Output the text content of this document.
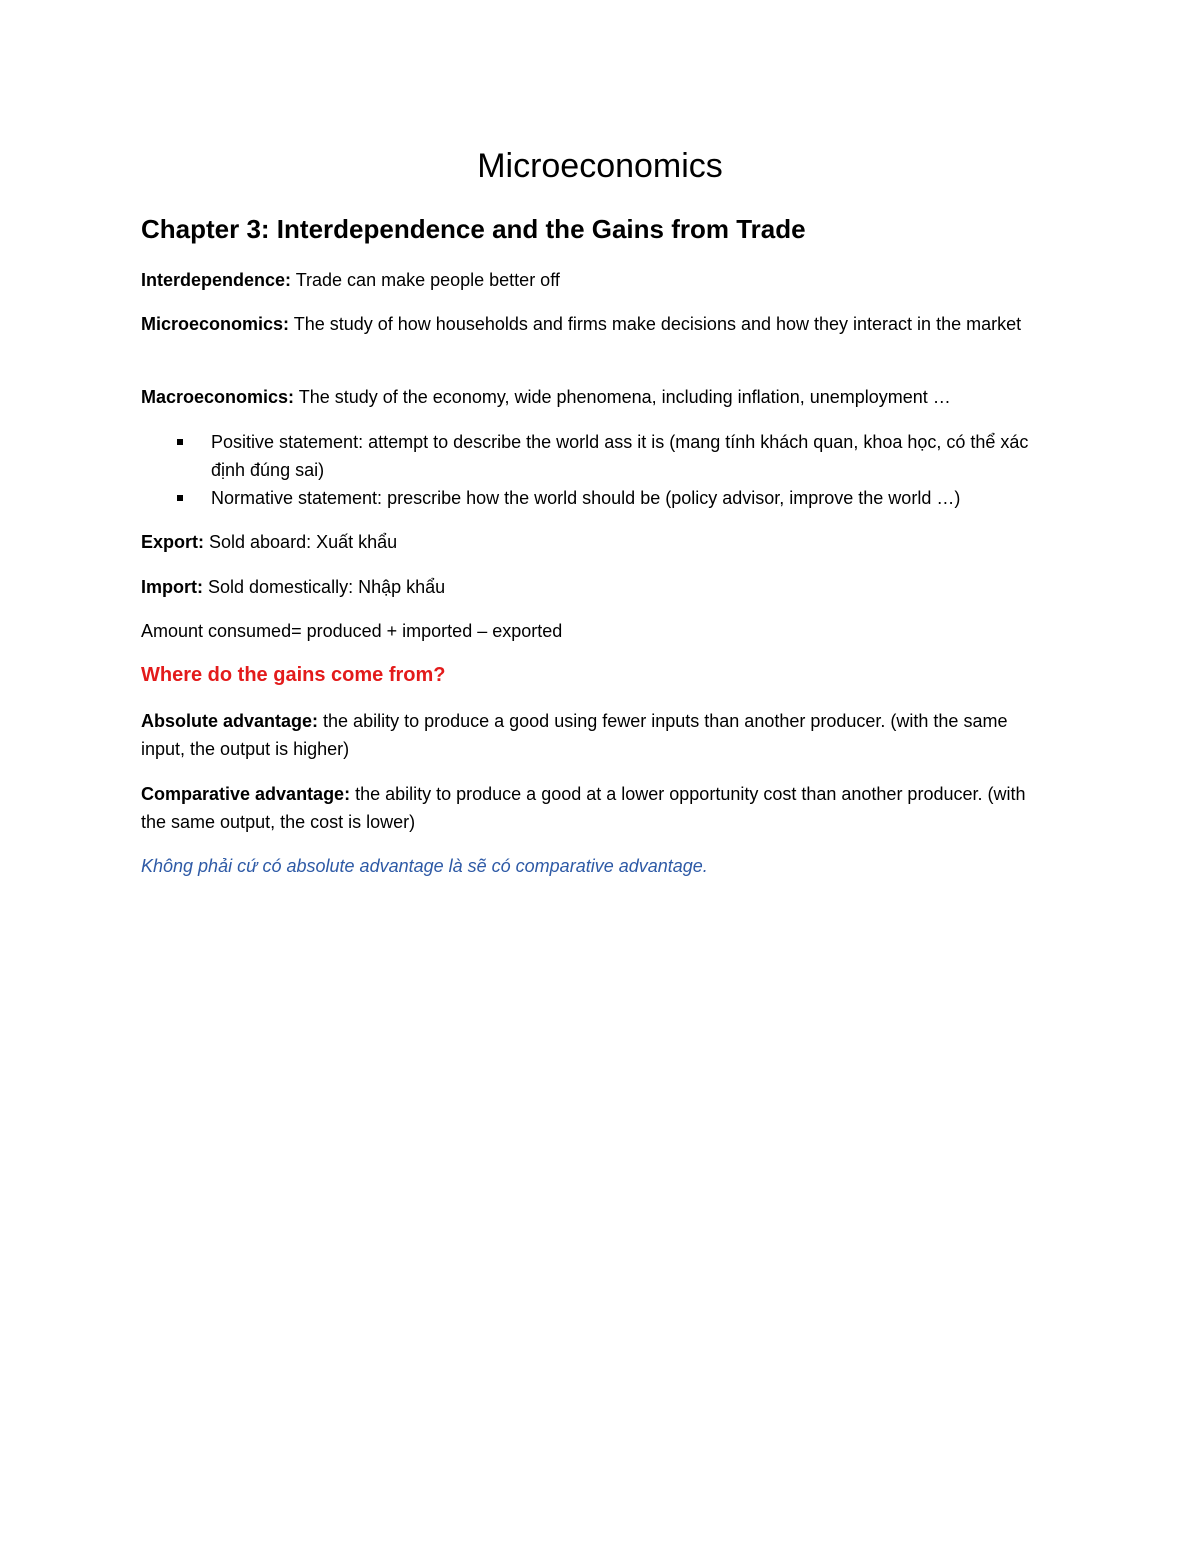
Microeconomics
Chapter 3: Interdependence and the Gains from Trade
Interdependence: Trade can make people better off
Microeconomics: The study of how households and firms make decisions and how they interact in the market
Macroeconomics: The study of the economy, wide phenomena, including inflation, unemployment …
Positive statement: attempt to describe the world ass it is (mang tính khách quan, khoa học, có thể xác định đúng sai)
Normative statement: prescribe how the world should be (policy advisor, improve the world …)
Export: Sold aboard: Xuất khẩu
Import: Sold domestically: Nhập khẩu
Amount consumed= produced + imported – exported
Where do the gains come from?
Absolute advantage: the ability to produce a good using fewer inputs than another producer. (with the same input, the output is higher)
Comparative advantage: the ability to produce a good at a lower opportunity cost than another producer. (with the same output, the cost is lower)
Không phải cứ có absolute advantage là sẽ có comparative advantage.
